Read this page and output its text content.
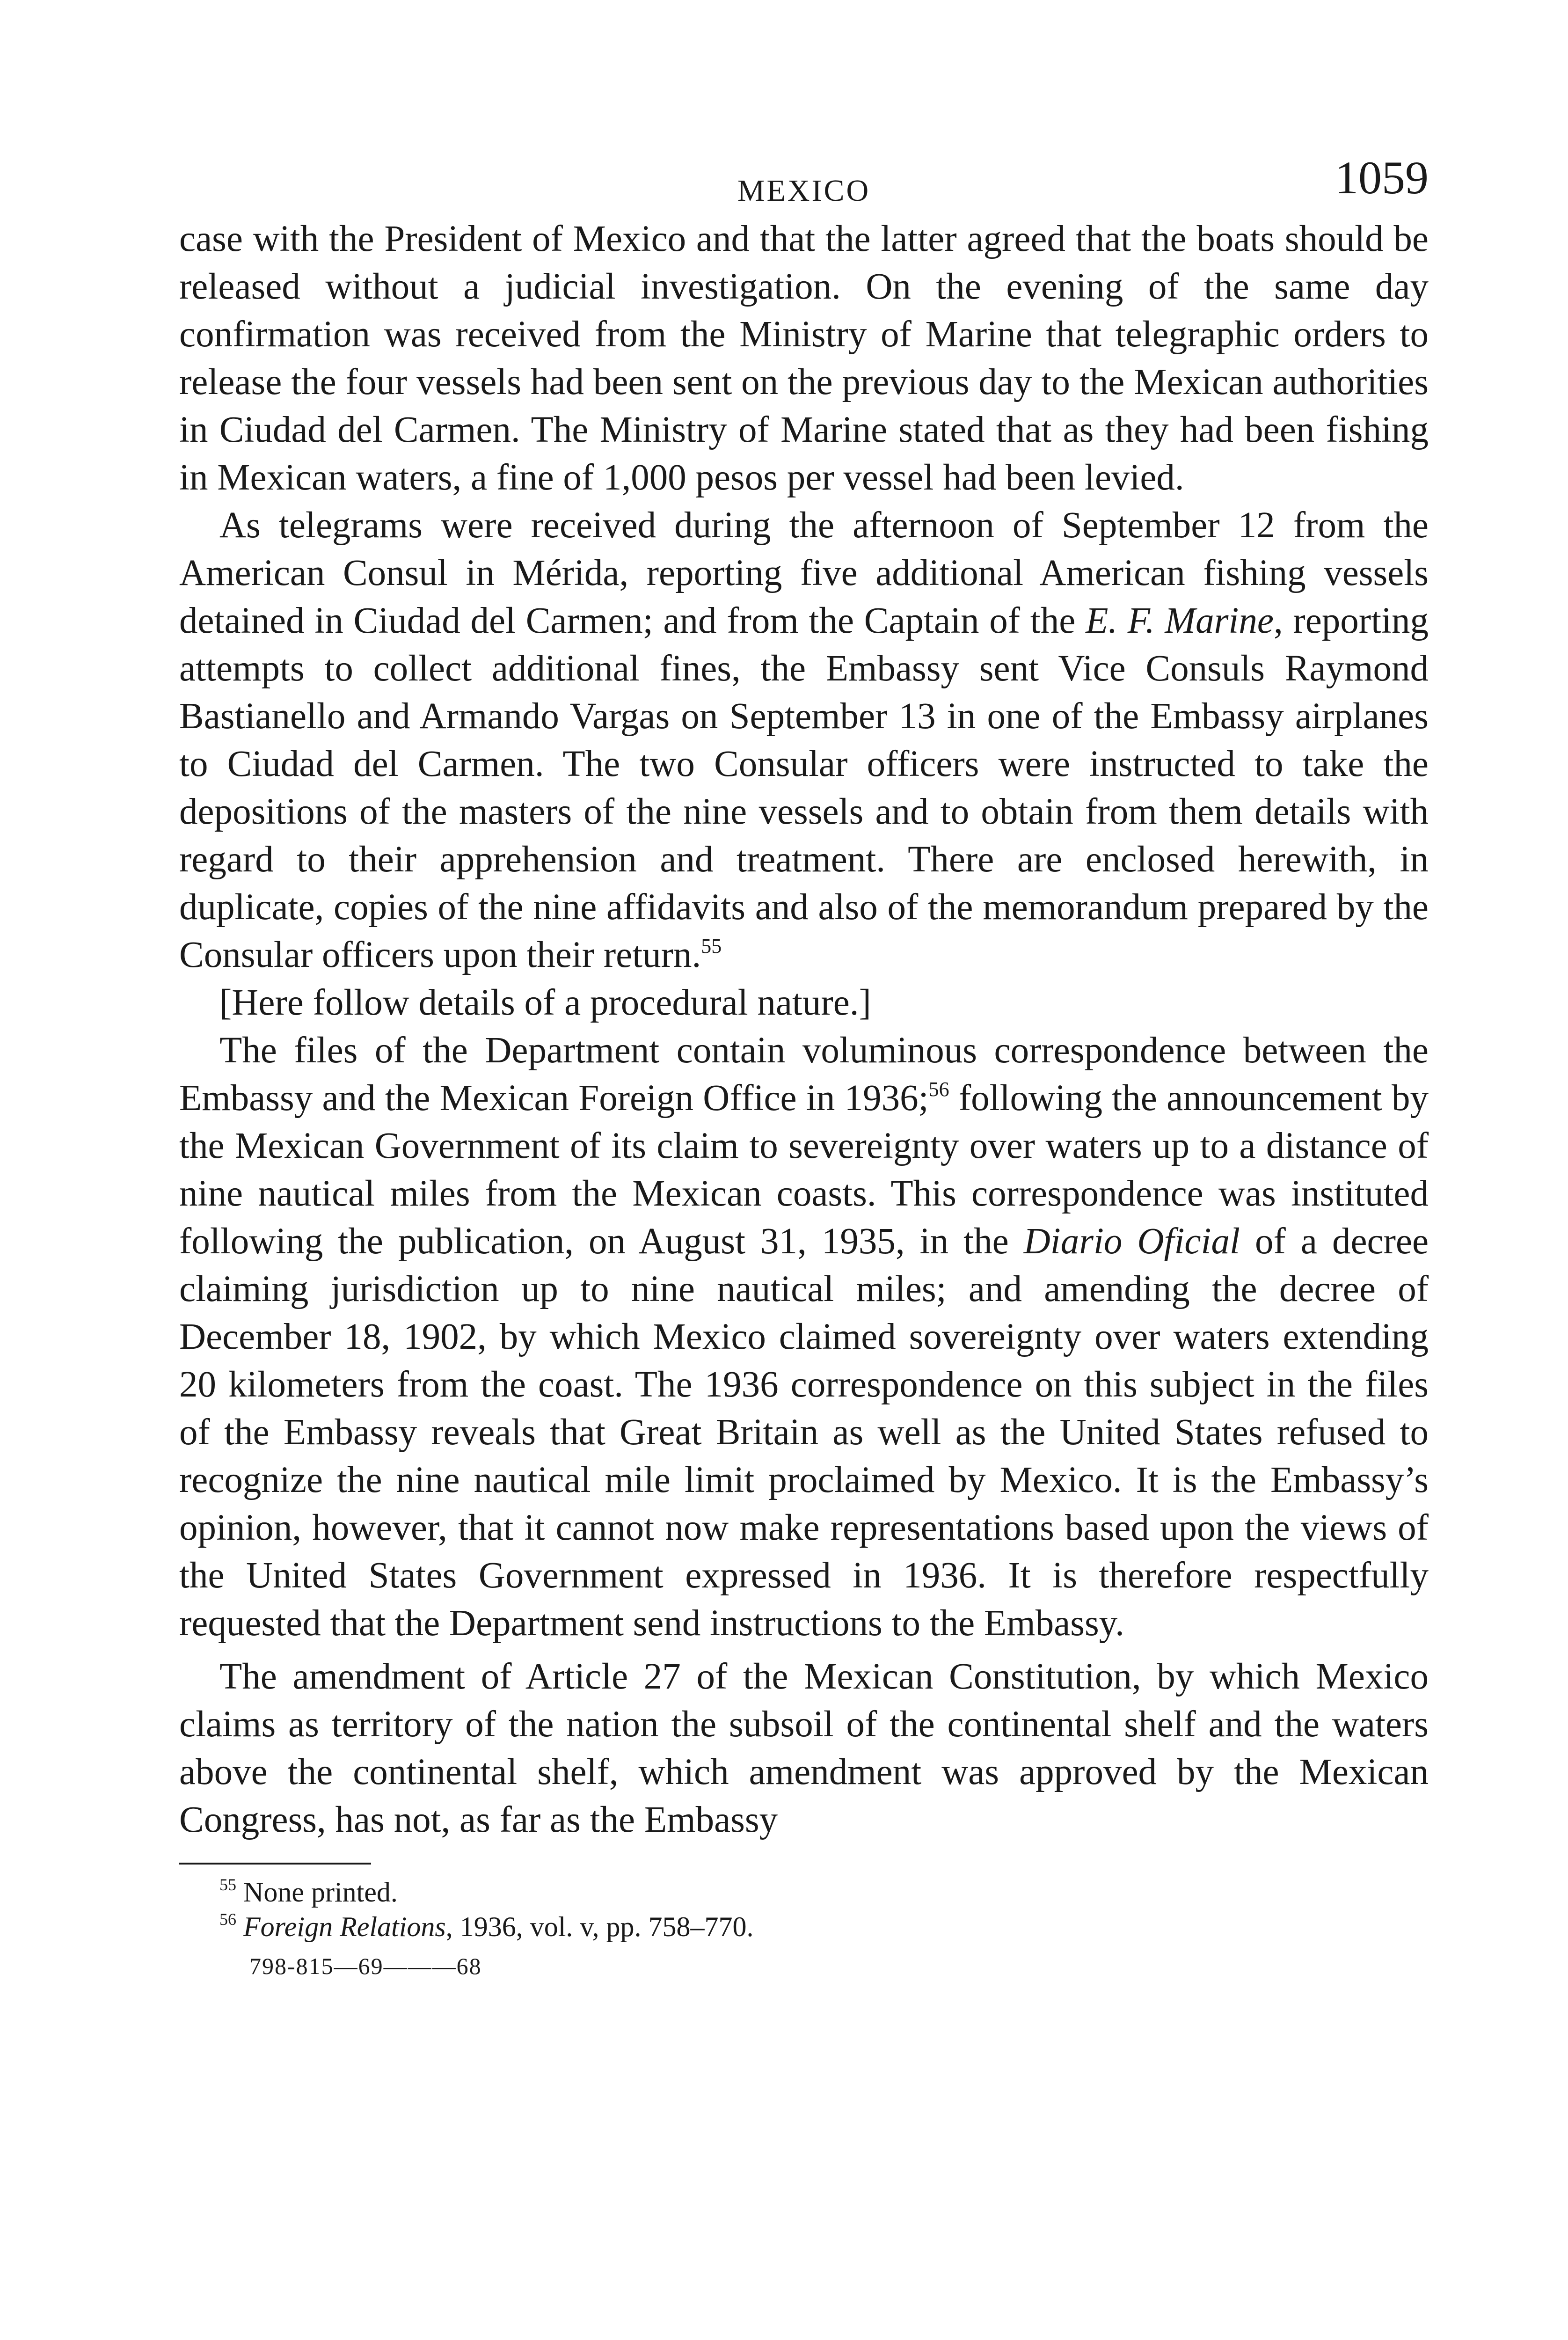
MEXICO	1059

case with the President of Mexico and that the latter agreed that the boats should be released without a judicial investigation. On the evening of the same day confirmation was received from the Ministry of Marine that telegraphic orders to release the four vessels had been sent on the previous day to the Mexican authorities in Ciudad del Carmen. The Ministry of Marine stated that as they had been fishing in Mexican waters, a fine of 1,000 pesos per vessel had been levied.

As telegrams were received during the afternoon of September 12 from the American Consul in Mérida, reporting five additional American fishing vessels detained in Ciudad del Carmen; and from the Captain of the E. F. Marine, reporting attempts to collect additional fines, the Embassy sent Vice Consuls Raymond Bastianello and Armando Vargas on September 13 in one of the Embassy airplanes to Ciudad del Carmen. The two Consular officers were instructed to take the depositions of the masters of the nine vessels and to obtain from them details with regard to their apprehension and treatment. There are enclosed herewith, in duplicate, copies of the nine affidavits and also of the memorandum prepared by the Consular officers upon their return.$^{55}$

[Here follow details of a procedural nature.]

The files of the Department contain voluminous correspondence between the Embassy and the Mexican Foreign Office in 1936;$^{56}$ following the announcement by the Mexican Government of its claim to severeignty over waters up to a distance of nine nautical miles from the Mexican coasts. This correspondence was instituted following the publication, on August 31, 1935, in the Diario Oficial of a decree claiming jurisdiction up to nine nautical miles; and amending the decree of December 18, 1902, by which Mexico claimed sovereignty over waters extending 20 kilometers from the coast. The 1936 correspondence on this subject in the files of the Embassy reveals that Great Britain as well as the United States refused to recognize the nine nautical mile limit proclaimed by Mexico. It is the Embassy’s opinion, however, that it cannot now make representations based upon the views of the United States Government expressed in 1936. It is therefore respectfully requested that the Department send instructions to the Embassy.

The amendment of Article 27 of the Mexican Constitution, by which Mexico claims as territory of the nation the subsoil of the continental shelf and the waters above the continental shelf, which amendment was approved by the Mexican Congress, has not, as far as the Embassy

$^{55}$ None printed.
$^{56}$ Foreign Relations, 1936, vol. v, pp. 758–770.
798-815—69———68
